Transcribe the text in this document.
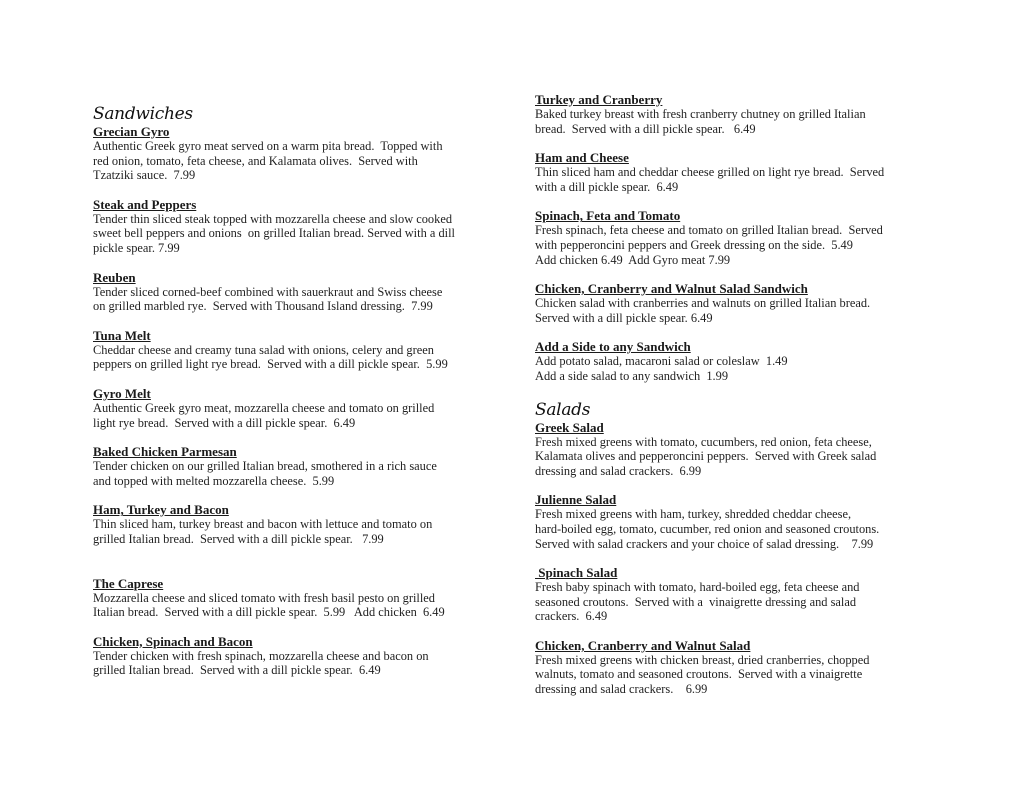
Sandwiches
Grecian Gyro
Authentic Greek gyro meat served on a warm pita bread.  Topped with
red onion, tomato, feta cheese, and Kalamata olives.  Served with
Tzatziki sauce.  7.99
Steak and Peppers
Tender thin sliced steak topped with mozzarella cheese and slow cooked
sweet bell peppers and onions  on grilled Italian bread. Served with a dill
pickle spear. 7.99
Reuben
Tender sliced corned-beef combined with sauerkraut and Swiss cheese
on grilled marbled rye.  Served with Thousand Island dressing.  7.99
Tuna Melt
Cheddar cheese and creamy tuna salad with onions, celery and green
peppers on grilled light rye bread.  Served with a dill pickle spear.  5.99
Gyro Melt
Authentic Greek gyro meat, mozzarella cheese and tomato on grilled
light rye bread.  Served with a dill pickle spear.  6.49
Baked Chicken Parmesan
Tender chicken on our grilled Italian bread, smothered in a rich sauce
and topped with melted mozzarella cheese.  5.99
Ham, Turkey and Bacon
Thin sliced ham, turkey breast and bacon with lettuce and tomato on
grilled Italian bread.  Served with a dill pickle spear.   7.99
The Caprese
Mozzarella cheese and sliced tomato with fresh basil pesto on grilled
Italian bread.  Served with a dill pickle spear.  5.99   Add chicken  6.49
Chicken, Spinach and Bacon
Tender chicken with fresh spinach, mozzarella cheese and bacon on
grilled Italian bread.  Served with a dill pickle spear.  6.49
Turkey and Cranberry
Baked turkey breast with fresh cranberry chutney on grilled Italian
bread.  Served with a dill pickle spear.   6.49
Ham and Cheese
Thin sliced ham and cheddar cheese grilled on light rye bread.  Served
with a dill pickle spear.  6.49
Spinach, Feta and Tomato
Fresh spinach, feta cheese and tomato on grilled Italian bread.  Served
with pepperoncini peppers and Greek dressing on the side.  5.49
Add chicken 6.49  Add Gyro meat 7.99
Chicken, Cranberry and Walnut Salad Sandwich
Chicken salad with cranberries and walnuts on grilled Italian bread.
Served with a dill pickle spear. 6.49
Add a Side to any Sandwich
Add potato salad, macaroni salad or coleslaw  1.49
Add a side salad to any sandwich  1.99
Salads
Greek Salad
Fresh mixed greens with tomato, cucumbers, red onion, feta cheese,
Kalamata olives and pepperoncini peppers.  Served with Greek salad
dressing and salad crackers.  6.99
Julienne Salad
Fresh mixed greens with ham, turkey, shredded cheddar cheese,
hard-boiled egg, tomato, cucumber, red onion and seasoned croutons.
Served with salad crackers and your choice of salad dressing.    7.99
Spinach Salad
Fresh baby spinach with tomato, hard-boiled egg, feta cheese and
seasoned croutons.  Served with a  vinaigrette dressing and salad
crackers.  6.49
Chicken, Cranberry and Walnut Salad
Fresh mixed greens with chicken breast, dried cranberries, chopped
walnuts, tomato and seasoned croutons.  Served with a vinaigrette
dressing and salad crackers.    6.99
